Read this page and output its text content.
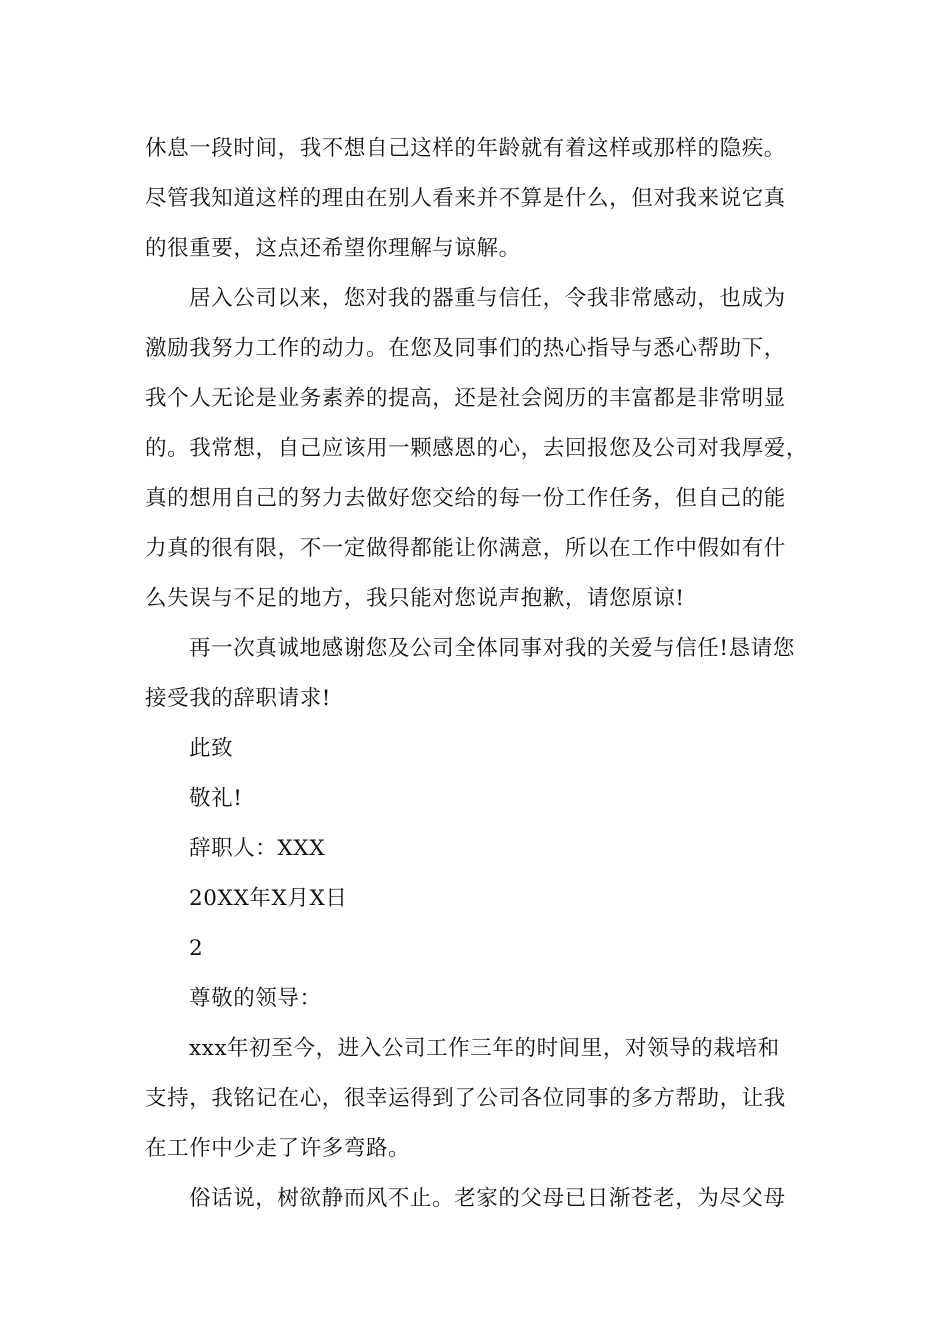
休息一段时间，我不想自己这样的年龄就有着这样或那样的隐疾。
尽管我知道这样的理由在别人看来并不算是什么，但对我来说它真
的很重要，这点还希望你理解与谅解。
居入公司以来，您对我的器重与信任，令我非常感动，也成为
激励我努力工作的动力。在您及同事们的热心指导与悉心帮助下，
我个人无论是业务素养的提高，还是社会阅历的丰富都是非常明显
的。我常想，自己应该用一颗感恩的心，去回报您及公司对我厚爱，
真的想用自己的努力去做好您交给的每一份工作任务，但自己的能
力真的很有限，不一定做得都能让你满意，所以在工作中假如有什
么失误与不足的地方，我只能对您说声抱歉，请您原谅!
再一次真诚地感谢您及公司全体同事对我的关爱与信任!恳请您
接受我的辞职请求!
此致
敬礼!
辞职人：XXX
20XX年X月X日
2
尊敬的领导：
xxx年初至今，进入公司工作三年的时间里，对领导的栽培和
支持，我铭记在心，很幸运得到了公司各位同事的多方帮助，让我
在工作中少走了许多弯路。
俗话说，树欲静而风不止。老家的父母已日渐苍老，为尽父母
